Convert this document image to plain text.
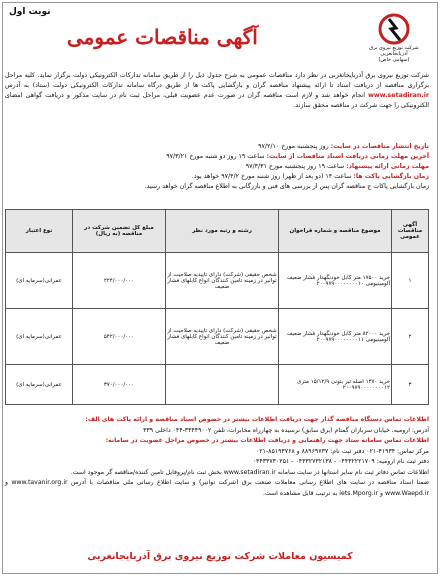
نوبت اول
شرکت توزیع نیروی برق
آذربایجانغربی
(سهامی خاص)
آگهی مناقصات عمومی
شرکت توزیع نیروی برق آذربایجانغربی در نظر دارد مناقصات عمومی به شرح جدول ذیل را از طریق سامانه تدارکات الکترونیکی دولت برگزار نماید. کلیه مراحل برگزاری مناقصه از دریافت اسناد تا ارائه پیشنهاد مناقصه گران و بازگشایی پاکت ها از طریق درگاه سامانه تدارکات الکترونیکی دولت (ستاد) به آدرس www.setadiran.ir انجام خواهد شد و لازم است مناقصه گران در صورت عدم عضویت قبلی، مراحل ثبت نام در سایت مذکور و دریافت گواهی امضای الکترونیکی را جهت شرکت در مناقصه محقق سازند.
تاریخ انتشار مناقصات در سایت: روز پنجشنبه مورخ ۹۷/۲/۱۰
آخرین مهلت زمانی دریافت اسناد مناقصات از سایت: ساعت ۱۹ روز دو شنبه مورخ ۹۷/۳/۲۱
مهلت زمانی ارائه پیشنهاد: ساعت ۱۹ روز پنجشنبه مورخ ۹۷/۳/۳۱
زمان بازگشایی پاکت ها: ساعت ۱۴ (دو بعد از ظهر) روز شنبه مورخ ۹۷/۴/۲ خواهد بود.
زمان بازگشایی پاکات ج مناقصه گران پس از بررسی های فنی و بازرگانی به اطلاع مناقصه گران خواهد رسید.
آگهی مناقصات عمومی	موضوع مناقصه و شماره فراخوان	رشته و رتبه مورد نظر	مبلغ کل تضمین شرکت در مناقصه (به ریال)	نوع اعتبار
۱	خرید ۱۷۵۰۰ متر کابل خودنگهدار فشار ضعیف آلومینیومی ۲۰۰۹۷۹۰۰۰۰۰۰۰۰۱۰	شخص حقیقی (شرکت) دارای تاییدیه صلاحیت از توانیر در زمینه تامین کنندگان انواع کابلهای فشار ضعیف	۲۲۴/۰۰۰/۰۰۰	عمرانی(سرمایه ای)
۲	خرید ۸۲۰۰۰ متر کابل خودنگهدار فشار ضعیف آلومینیومی ۲۰۰۹۷۹۰۰۰۰۰۰۰۰۱۱	شخص حقیقی (شرکت) دارای تاییدیه صلاحیت از توانیر در زمینه تامین کنندگان انواع کابلهای فشار ضعیف	۵۴۲/۰۰۰/۰۰۰	عمرانی(سرمایه ای)
۳	خرید ۱۳۷۰ اصله تیر بتونی ۱۵/۱۲/۹ متری ۲۰۰۹۷۹۰۰۰۰۰۰۰۰۱۲		۳۷۰/۰۰۰/۰۰۰	عمرانی(سرمایه ای)
اطلاعات تماس دستگاه مناقصه گذار جهت دریافت اطلاعات بیشتر در خصوص اسناد مناقصه و ارائه پاکت های الف:
آدرس: ارومیه، خیابان سربازان گمنام (برق سابق) نرسیده به چهارراه مخابرات، تلفن ۳۳۴۴۹۰۰۲-۰۴۴ داخلی ۳۳۹
اطلاعات تماس سامانه ستاد جهت راهنمایی و دریافت اطلاعات بیشتر در خصوص مراحل عضویت در سامانه:
مرکز تماس: ۴۱۹۳۴-۰۲۱ دفتر ثبت نام: ۸۸۹۶۹۷۳۷ و ۸۵۱۹۳۷۶۸-۰۲۱
دفتر ثبت نام ارومیه: ۰۴۴۳۲۲۲۱۷۰۹ - ۰۴۴۳۲۷۳۲۱۳۸ - ۰۴۴۳۳۷۳۰۲۵۱
اطلاعات تماس دفاتر ثبت نام سایر استانها در سایت سامانه www.setadiran.ir بخش ثبت نام/پروفایل تامین کننده/مناقصه گر موجود است.
ضمنا اسناد مناقصه در سایت های اطلاع رسانی معاملات صنعت برق (شرکت توانیر) و سایت اطلاع رسانی ملی مناقصات با آدرس www.tavanir.org.ir و www.Waepd.ir و iets.Mporg.ir به ترتیب قابل مشاهده است.
کمیسیون معاملات شرکت توزیع نیروی برق آذربایجانغربی
